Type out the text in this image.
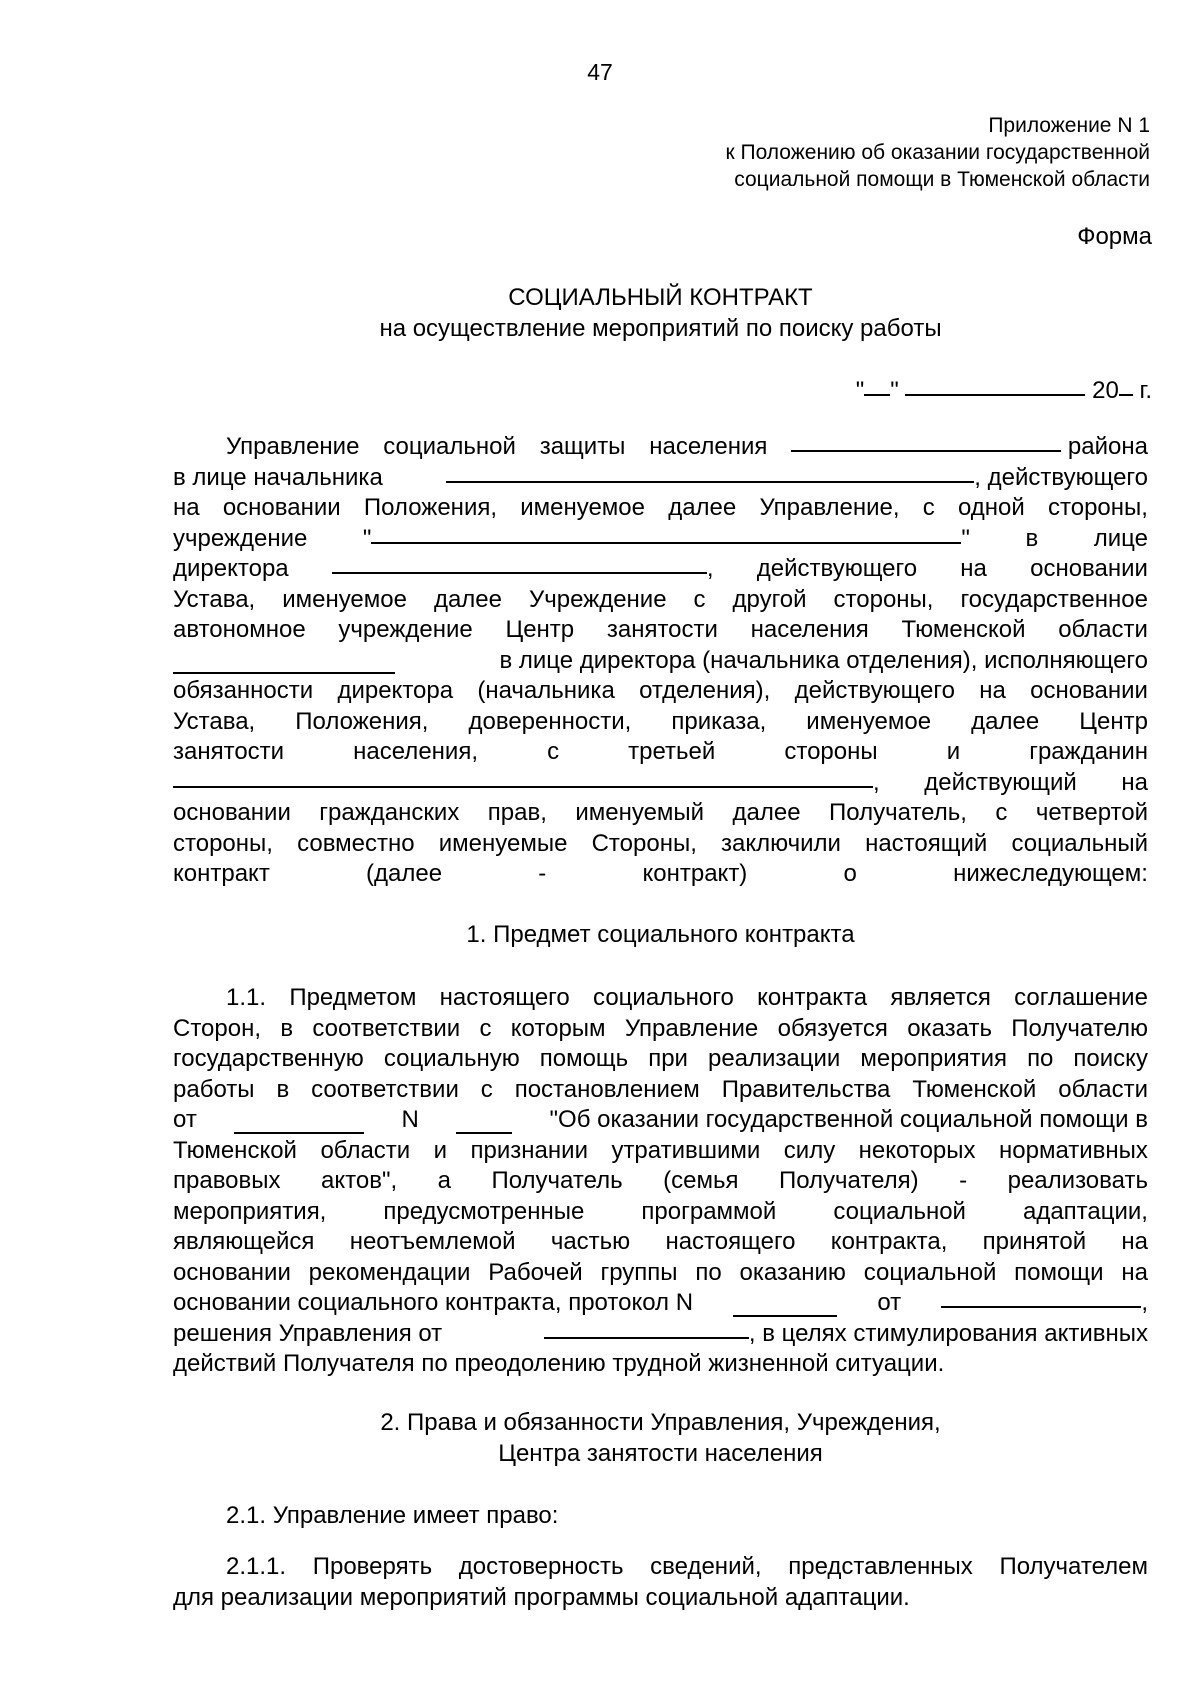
47
Приложение N 1
к Положению об оказании государственной
социальной помощи в Тюменской области
Форма
СОЦИАЛЬНЫЙ КОНТРАКТ
на осуществление мероприятий по поиску работы
" "	20 г.
Управление социальной защиты населения	района
в лице начальника	, действующего
на основании Положения, именуемое далее Управление, с одной стороны,
учреждение "	" в лице
директора	, действующего на основании
Устава, именуемое далее Учреждение с другой стороны, государственное
автономное учреждение Центр занятости населения Тюменской области
в лице директора (начальника отделения), исполняющего
обязанности директора (начальника отделения), действующего на основании
Устава, Положения, доверенности, приказа, именуемое далее Центр
занятости	населения,	с	третьей	стороны	и	гражданин
, действующий на
основании гражданских прав, именуемый далее Получатель, с четвертой
стороны, совместно именуемые Стороны, заключили настоящий социальный
контракт	(далее	-	контракт)	о	нижеследующем:
1. Предмет социального контракта
1.1. Предметом настоящего социального контракта является соглашение
Сторон, в соответствии с которым Управление обязуется оказать Получателю
государственную социальную помощь при реализации мероприятия по поиску
работы в соответствии с постановлением Правительства Тюменской области
от	N	"Об оказании государственной социальной помощи в
Тюменской области и признании утратившими силу некоторых нормативных
правовых актов", а Получатель (семья Получателя) - реализовать
мероприятия, предусмотренные программой социальной адаптации,
являющейся неотъемлемой частью настоящего контракта, принятой на
основании рекомендации Рабочей группы по оказанию социальной помощи на
основании социального контракта, протокол N	от	,
решения Управления от	, в целях стимулирования активных
действий Получателя по преодолению трудной жизненной ситуации.
2. Права и обязанности Управления, Учреждения,
Центра занятости населения
2.1. Управление имеет право:
2.1.1. Проверять достоверность сведений, представленных Получателем
для реализации мероприятий программы социальной адаптации.
